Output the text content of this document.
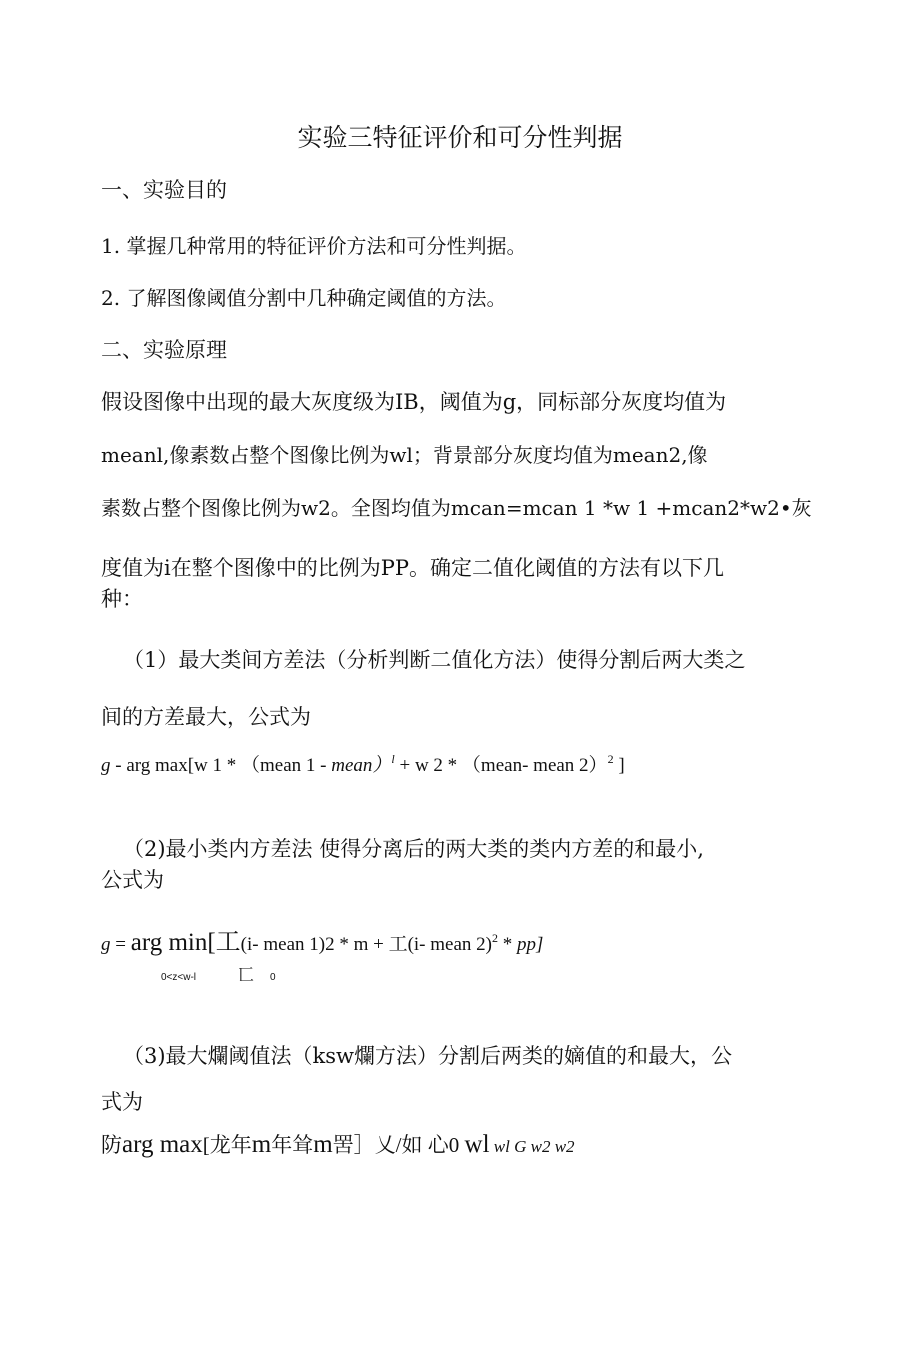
实验三特征评价和可分性判据
一、实验目的
1. 掌握几种常用的特征评价方法和可分性判据。
2. 了解图像阈值分割中几种确定阈值的方法。
二、实验原理
假设图像中出现的最大灰度级为IB，阈值为g，同标部分灰度均值为
meanl,像素数占整个图像比例为wl；背景部分灰度均值为mean2,像
素数占整个图像比例为w2。全图均值为mcan=mcan 1 *w 1 +mcan2*w2•灰
度值为i在整个图像中的比例为PP。确定二值化阈值的方法有以下几
种：
（1）最大类间方差法（分析判断二值化方法）使得分割后两大类之
间的方差最大，公式为
g - arg max[w 1 * （mean 1 - mean）$^l$ + w 2 * （mean- mean 2）$^2$ ]
（2)最小类内方差法 使得分离后的两大类的类内方差的和最小,
公式为
g = arg min[工(i- mean 1)2 * m + 工(i- mean 2)$^2$ * pp]
0<z<w-l	匸 0
（3)最大爛阈值法（ksw爛方法）分割后两类的嫡值的和最大，公
式为
防arg max[龙年m年耸m罟］乂/如 心0 wl wl G w2 w2
